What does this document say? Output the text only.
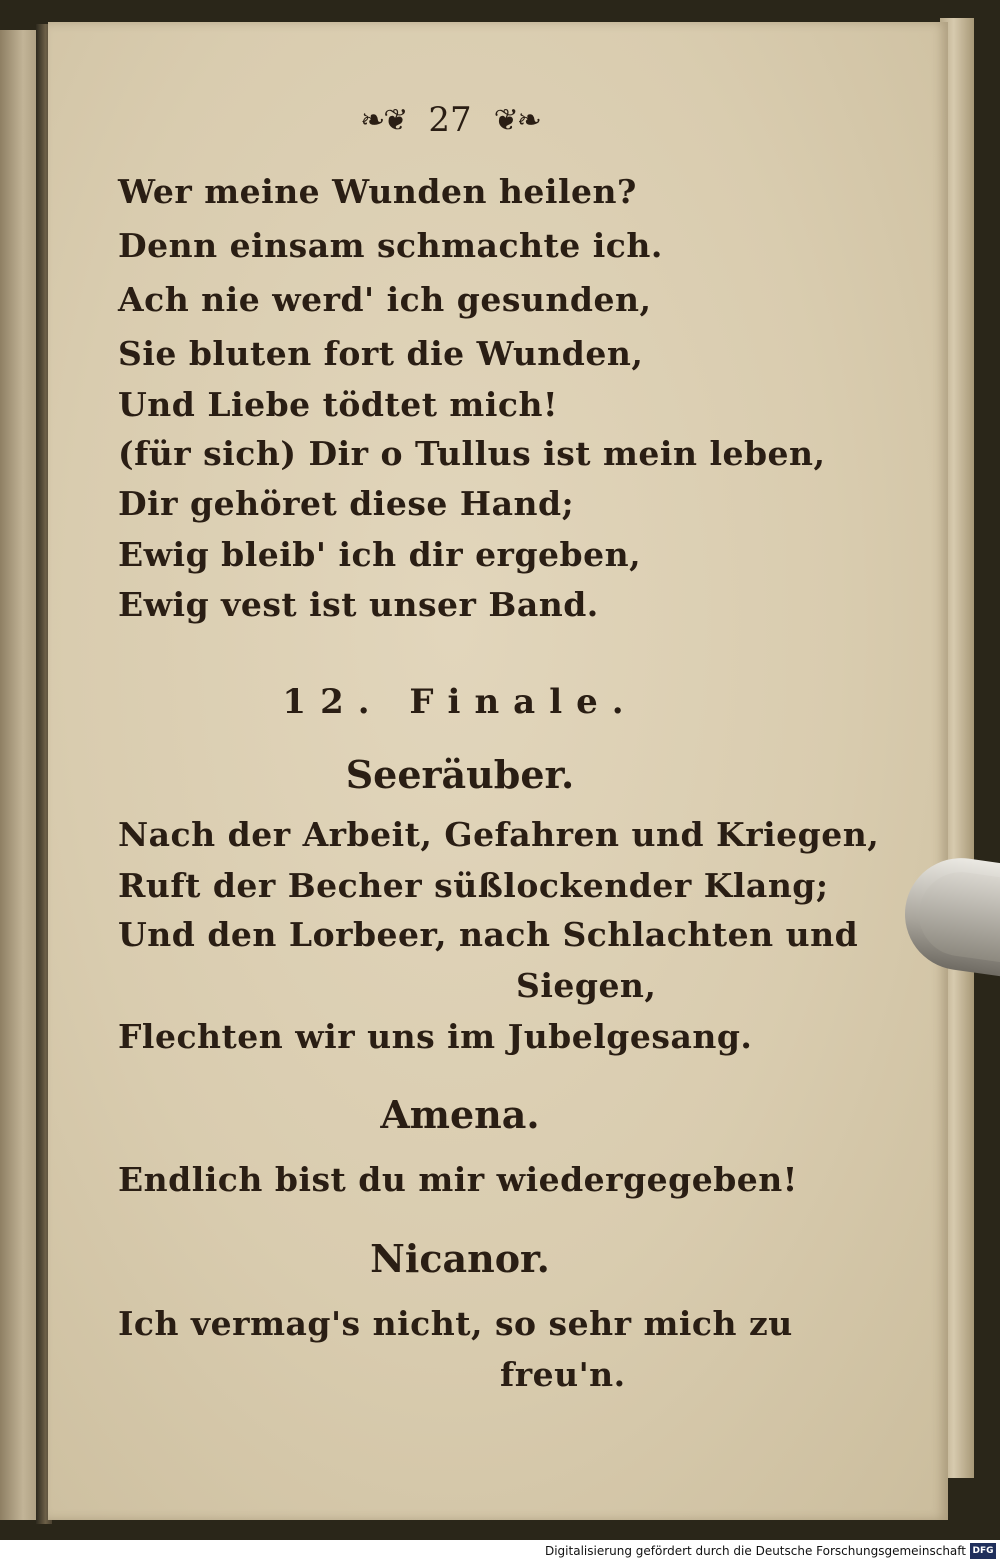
❧❦ 27 ❦❧
Wer meine Wunden heilen?
Denn einsam schmachte ich.
Ach nie werd' ich gesunden,
Sie bluten fort die Wunden,
Und Liebe tödtet mich!
(für sich) Dir o Tullus ist mein leben,
Dir gehöret diese Hand;
Ewig bleib' ich dir ergeben,
Ewig vest ist unser Band.
12. Finale.
Seeräuber.
Nach der Arbeit, Gefahren und Kriegen,
Ruft der Becher süßlockender Klang;
Und den Lorbeer, nach Schlachten und
Siegen,
Flechten wir uns im Jubelgesang.
Amena.
Endlich bist du mir wiedergegeben!
Nicanor.
Ich vermag's nicht, so sehr mich zu
freu'n.
Digitalisierung gefördert durch die Deutsche Forschungsgemeinschaft DFG
